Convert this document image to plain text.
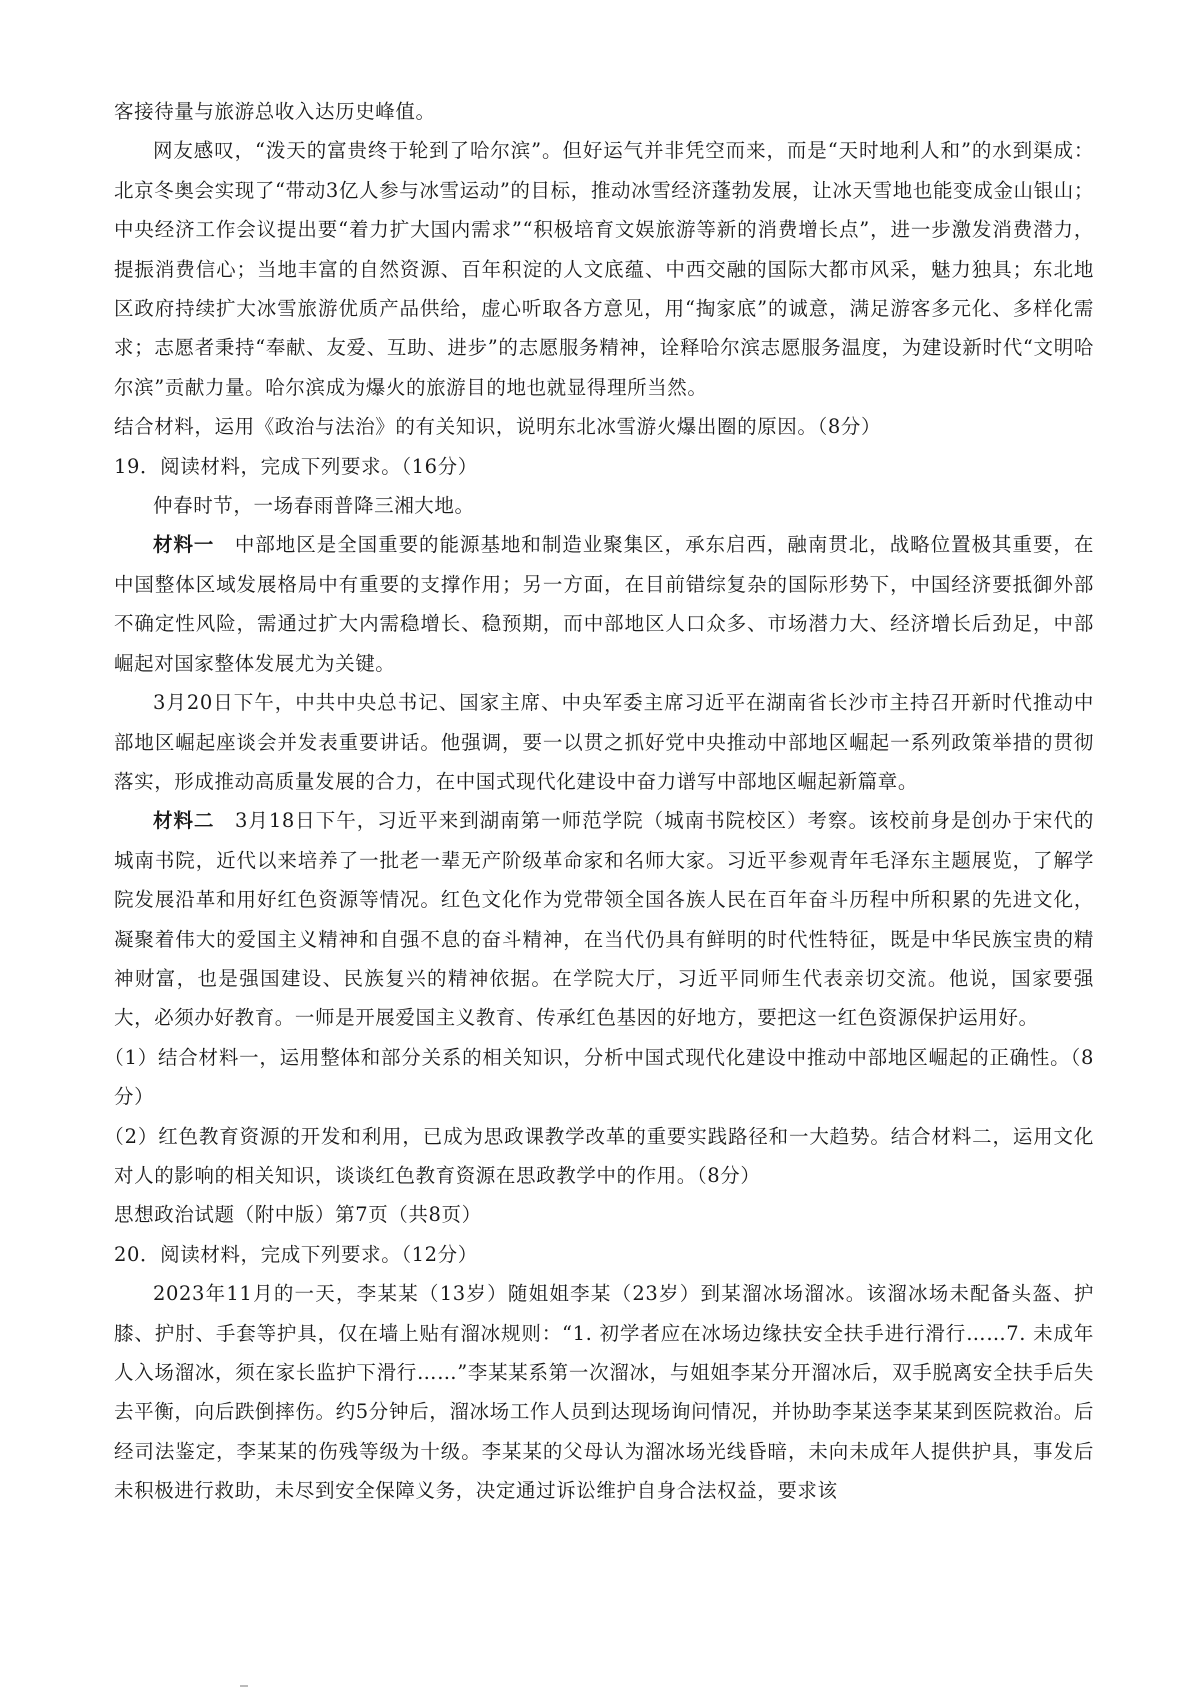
客接待量与旅游总收入达历史峰值。

网友感叹，“泼天的富贵终于轮到了哈尔滨”。但好运气并非凭空而来，而是“天时地利人和”的水到渠成：北京冬奥会实现了“带动3亿人参与冰雪运动”的目标，推动冰雪经济蓬勃发展，让冰天雪地也能变成金山银山；中央经济工作会议提出要“着力扩大国内需求”“积极培育文娱旅游等新的消费增长点”，进一步激发消费潜力，提振消费信心；当地丰富的自然资源、百年积淀的人文底蕴、中西交融的国际大都市风采，魅力独具；东北地区政府持续扩大冰雪旅游优质产品供给，虚心听取各方意见，用“掏家底”的诚意，满足游客多元化、多样化需求；志愿者秉持“奉献、友爱、互助、进步”的志愿服务精神，诠释哈尔滨志愿服务温度，为建设新时代“文明哈尔滨”贡献力量。哈尔滨成为爆火的旅游目的地也就显得理所当然。

结合材料，运用《政治与法治》的有关知识，说明东北冰雪游火爆出圈的原因。（8分）

19．阅读材料，完成下列要求。（16分）

仲春时节，一场春雨普降三湘大地。

材料一　 中部地区是全国重要的能源基地和制造业聚集区，承东启西，融南贯北，战略位置极其重要，在中国整体区域发展格局中有重要的支撑作用；另一方面，在目前错综复杂的国际形势下，中国经济要抵御外部不确定性风险，需通过扩大内需稳增长、稳预期，而中部地区人口众多、市场潜力大、经济增长后劲足，中部崛起对国家整体发展尤为关键。

3月20日下午，中共中央总书记、国家主席、中央军委主席习近平在湖南省长沙市主持召开新时代推动中部地区崛起座谈会并发表重要讲话。他强调，要一以贯之抓好党中央推动中部地区崛起一系列政策举措的贯彻落实，形成推动高质量发展的合力，在中国式现代化建设中奋力谱写中部地区崛起新篇章。

材料二　 3月18日下午，习近平来到湖南第一师范学院（城南书院校区）考察。该校前身是创办于宋代的城南书院，近代以来培养了一批老一辈无产阶级革命家和名师大家。习近平参观青年毛泽东主题展览，了解学院发展沿革和用好红色资源等情况。红色文化作为党带领全国各族人民在百年奋斗历程中所积累的先进文化，凝聚着伟大的爱国主义精神和自强不息的奋斗精神，在当代仍具有鲜明的时代性特征，既是中华民族宝贵的精神财富，也是强国建设、民族复兴的精神依据。在学院大厅，习近平同师生代表亲切交流。他说，国家要强大，必须办好教育。一师是开展爱国主义教育、传承红色基因的好地方，要把这一红色资源保护运用好。

（1）结合材料一，运用整体和部分关系的相关知识，分析中国式现代化建设中推动中部地区崛起的正确性。（8分）

（2）红色教育资源的开发和利用，已成为思政课教学改革的重要实践路径和一大趋势。结合材料二，运用文化对人的影响的相关知识，谈谈红色教育资源在思政教学中的作用。（8分）

思想政治试题（附中版）第7页（共8页）

20．阅读材料，完成下列要求。（12分）

2023年11月的一天，李某某（13岁）随姐姐李某（23岁）到某溜冰场溜冰。该溜冰场未配备头盔、护膝、护肘、手套等护具，仅在墙上贴有溜冰规则：“1. 初学者应在冰场边缘扶安全扶手进行滑行……7. 未成年人入场溜冰，须在家长监护下滑行……”李某某系第一次溜冰，与姐姐李某分开溜冰后，双手脱离安全扶手后失去平衡，向后跌倒摔伤。约5分钟后，溜冰场工作人员到达现场询问情况，并协助李某送李某某到医院救治。后经司法鉴定，李某某的伤残等级为十级。李某某的父母认为溜冰场光线昏暗，未向未成年人提供护具，事发后未积极进行救助，未尽到安全保障义务，决定通过诉讼维护自身合法权益，要求该
